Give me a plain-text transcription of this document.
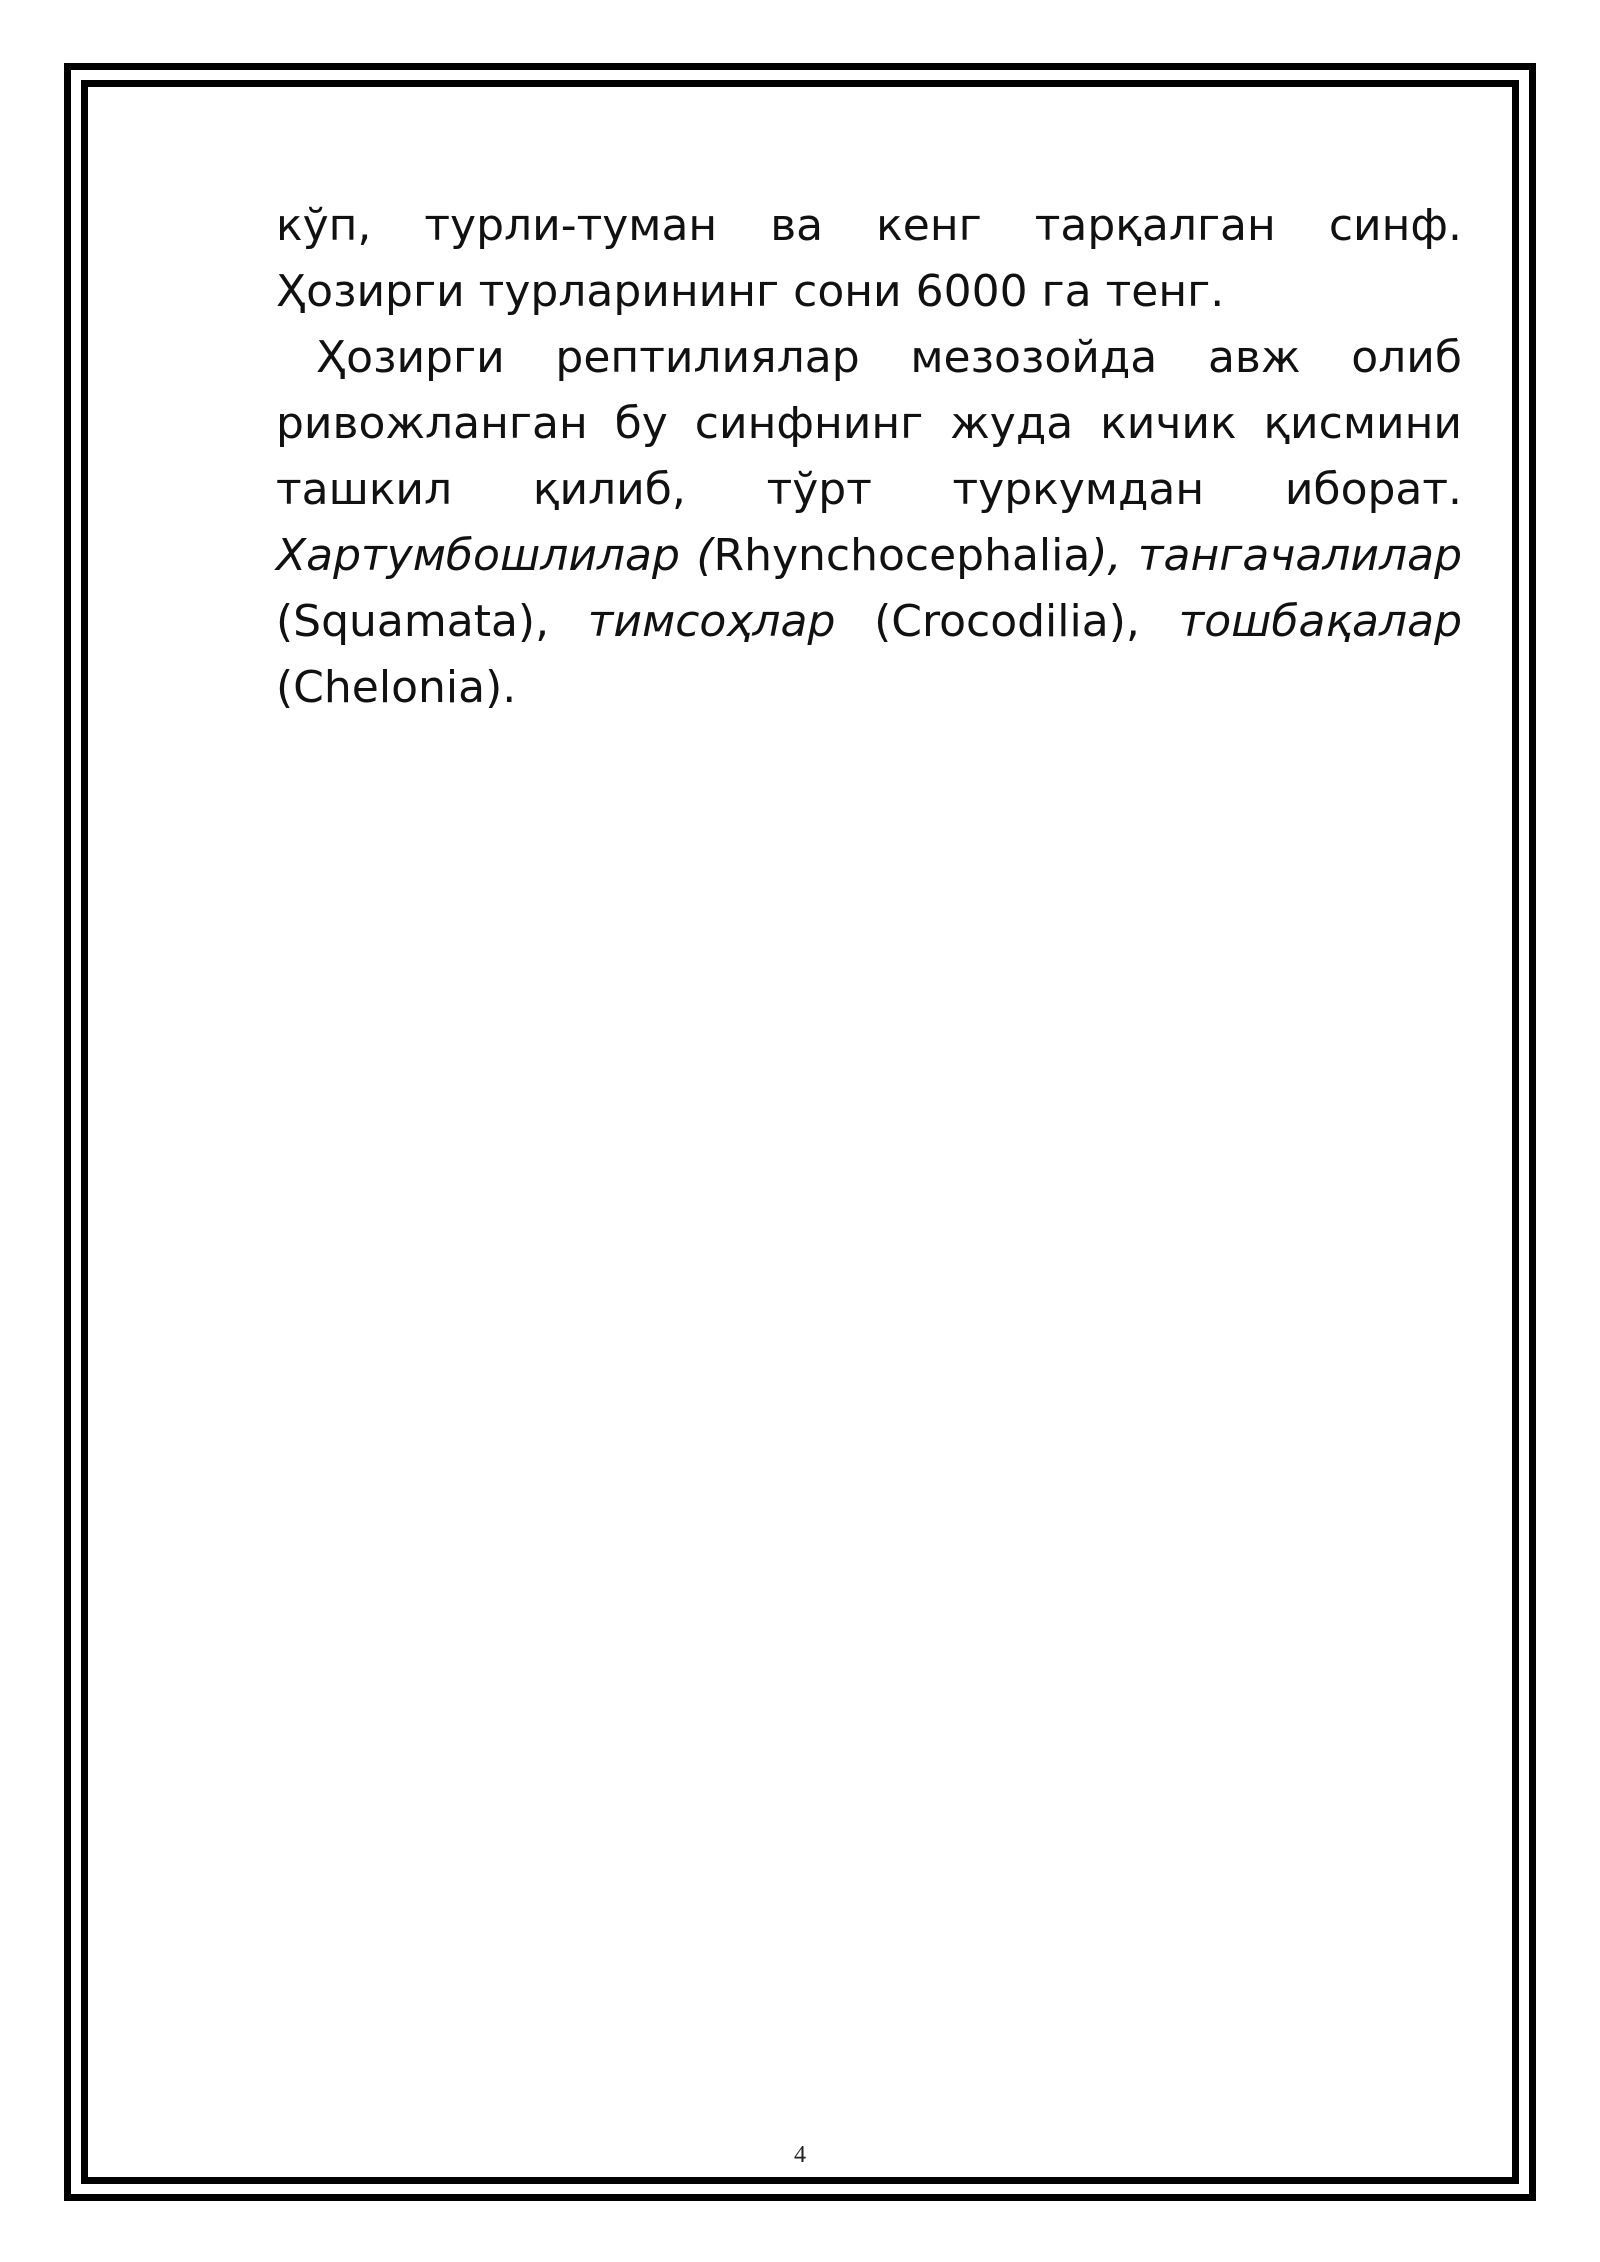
кўп, турли-туман ва кенг тарқалган синф.

Ҳозирги турларининг сони 6000 га тенг.

Ҳозирги рептилиялар мезозойда авж олиб ривожланган бу синфнинг жуда кичик қисмини ташкил қилиб, тўрт туркумдан иборат. Хартумбошлилар (Rhynchocephalia), тангачалилар (Squamata), тимсоҳлар (Crocodilia), тошбақалар (Chelonia).

4
